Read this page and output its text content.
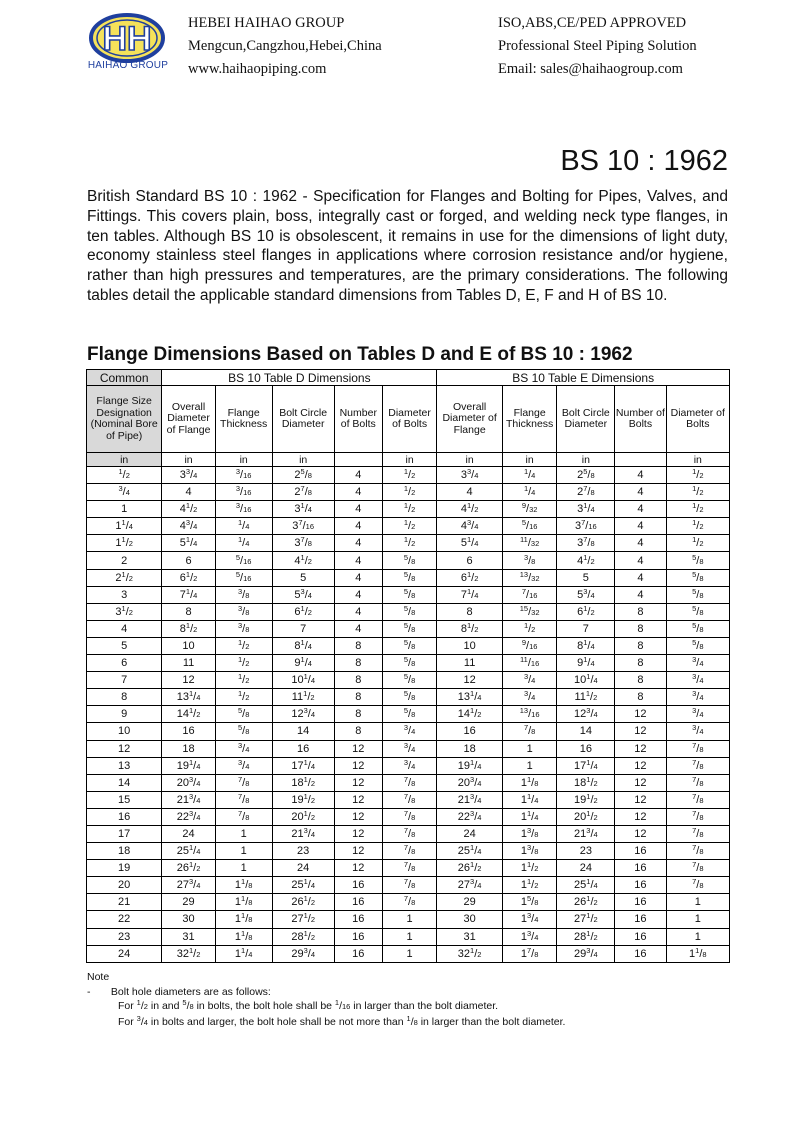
HH
HAIHAO GROUP
HEBEI HAIHAO GROUP
Mengcun,Cangzhou,Hebei,China
www.haihaopiping.com
ISO,ABS,CE/PED APPROVED
Professional Steel Piping Solution
Email: sales@haihaogroup.com
BS 10 : 1962

British Standard BS 10 : 1962 - Specification for Flanges and Bolting for Pipes, Valves, and Fittings. This covers plain, boss, integrally cast or forged, and welding neck type flanges, in ten tables. Although BS 10 is obsolescent, it remains in use for the dimensions of light duty, economy stainless steel flanges in applications where corrosion resistance and/or hygiene, rather than high pressures and temperatures, are the primary considerations. The following tables detail the applicable standard dimensions from Tables D, E, F and H of BS 10.

Flange Dimensions Based on Tables D and E of BS 10 : 1962
Common	BS 10 Table D Dimensions					BS 10 Table E Dimensions				
Flange Size Designation (Nominal Bore of Pipe)	Overall Diameter of Flange	Flange Thickness	Bolt Circle Diameter	Number of Bolts	Diameter of Bolts	Overall Diameter of Flange	Flange Thickness	Bolt Circle Diameter	Number of Bolts	Diameter of Bolts
in	in	in	in		in	in	in	in		in
$^1$/2	$3^3/4$	$^3$/16	$2^5/8$	4	$^1$/2	$3^3/4$	$^1$/4	$2^5/8$	4	$^1$/2
$^3$/4	4	$^3$/16	$2^7/8$	4	$^1$/2	4	$^1$/4	$2^7/8$	4	$^1$/2
1	$4^1/2$	$^3$/16	$3^1/4$	4	$^1$/2	$4^1/2$	$^9$/32	$3^1/4$	4	$^1$/2
$1^1/4$	$4^3/4$	$^1$/4	$3^7/16$	4	$^1$/2	$4^3/4$	$^5$/16	$3^7/16$	4	$^1$/2
$1^1/2$	$5^1/4$	$^1$/4	$3^7/8$	4	$^1$/2	$5^1/4$	$^{11}$/32	$3^7/8$	4	$^1$/2
2	6	$^5$/16	$4^1/2$	4	$^5$/8	6	$^3$/8	$4^1/2$	4	$^5$/8
$2^1/2$	$6^1/2$	$^5$/16	5	4	$^5$/8	$6^1/2$	$^{13}$/32	5	4	$^5$/8
3	$7^1/4$	$^3$/8	$5^3/4$	4	$^5$/8	$7^1/4$	$^7$/16	$5^3/4$	4	$^5$/8
$3^1/2$	8	$^3$/8	$6^1/2$	4	$^5$/8	8	$^{15}$/32	$6^1/2$	8	$^5$/8
4	$8^1/2$	$^3$/8	7	4	$^5$/8	$8^1/2$	$^1$/2	7	8	$^5$/8
5	10	$^1$/2	$8^1/4$	8	$^5$/8	10	$^9$/16	$8^1/4$	8	$^5$/8
6	11	$^1$/2	$9^1/4$	8	$^5$/8	11	$^{11}$/16	$9^1/4$	8	$^3$/4
7	12	$^1$/2	$10^1/4$	8	$^5$/8	12	$^3$/4	$10^1/4$	8	$^3$/4
8	$13^1/4$	$^1$/2	$11^1/2$	8	$^5$/8	$13^1/4$	$^3$/4	$11^1/2$	8	$^3$/4
9	$14^1/2$	$^5$/8	$12^3/4$	8	$^5$/8	$14^1/2$	$^{13}$/16	$12^3/4$	12	$^3$/4
10	16	$^5$/8	14	8	$^3$/4	16	$^7$/8	14	12	$^3$/4
12	18	$^3$/4	16	12	$^3$/4	18	1	16	12	$^7$/8
13	$19^1/4$	$^3$/4	$17^1/4$	12	$^3$/4	$19^1/4$	1	$17^1/4$	12	$^7$/8
14	$20^3/4$	$^7$/8	$18^1/2$	12	$^7$/8	$20^3/4$	$1^1/8$	$18^1/2$	12	$^7$/8
15	$21^3/4$	$^7$/8	$19^1/2$	12	$^7$/8	$21^3/4$	$1^1/4$	$19^1/2$	12	$^7$/8
16	$22^3/4$	$^7$/8	$20^1/2$	12	$^7$/8	$22^3/4$	$1^1/4$	$20^1/2$	12	$^7$/8
17	24	1	$21^3/4$	12	$^7$/8	24	$1^3/8$	$21^3/4$	12	$^7$/8
18	$25^1/4$	1	23	12	$^7$/8	$25^1/4$	$1^3/8$	23	16	$^7$/8
19	$26^1/2$	1	24	12	$^7$/8	$26^1/2$	$1^1/2$	24	16	$^7$/8
20	$27^3/4$	$1^1/8$	$25^1/4$	16	$^7$/8	$27^3/4$	$1^1/2$	$25^1/4$	16	$^7$/8
21	29	$1^1/8$	$26^1/2$	16	$^7$/8	29	$1^5/8$	$26^1/2$	16	1
22	30	$1^1/8$	$27^1/2$	16	1	30	$1^3/4$	$27^1/2$	16	1
23	31	$1^1/8$	$28^1/2$	16	1	31	$1^3/4$	$28^1/2$	16	1
24	$32^1/2$	$1^1/4$	$29^3/4$	16	1	$32^1/2$	$1^7/8$	$29^3/4$	16	$1^1/8$
Note
- Bolt hole diameters are as follows:
For $^1$/2 in and $^5$/8 in bolts, the bolt hole shall be $^1$/16 in larger than the bolt diameter.
For $^3$/4 in bolts and larger, the bolt hole shall be not more than $^1$/8 in larger than the bolt diameter.
